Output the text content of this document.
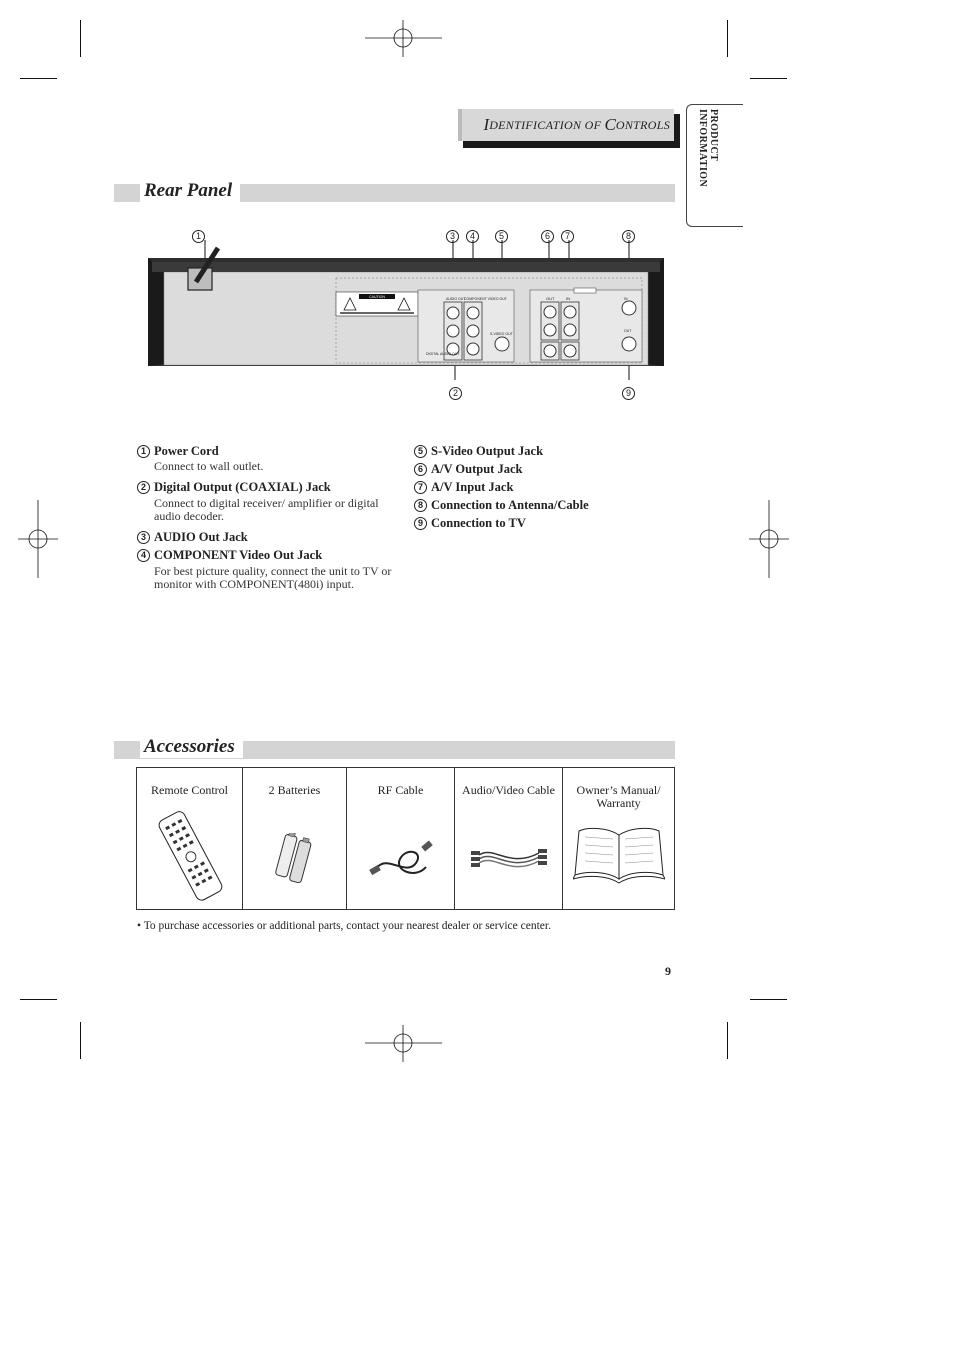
I DENTIFICATION OF C ONTROLS	PRODUCT INFORMATION
Rear Panel
1	3	4	5	6	7	8
2	9
CAUTION	AUDIO OUT
COMPONENT VIDEO OUT
S-VIDEO OUT
DIGITAL AUDIO OUT
OUT	IN	IN
OUT
1 Power Cord
Connect to wall outlet.
2 Digital Output (COAXIAL) Jack
Connect to digital receiver/ amplifier or digital audio decoder.
3 AUDIO Out Jack
4 COMPONENT Video Out Jack
For best picture quality, connect the unit to TV or monitor with COMPONENT(480i) input.
5 S-Video Output Jack
6 A/V Output Jack
7 A/V Input Jack
8 Connection to Antenna/Cable
9 Connection to TV
Accessories
Remote Control	2 Batteries	RF Cable	Audio/Video Cable	Owner’s Manual/ Warranty
• To purchase accessories or additional parts, contact your nearest dealer or service center.
9
